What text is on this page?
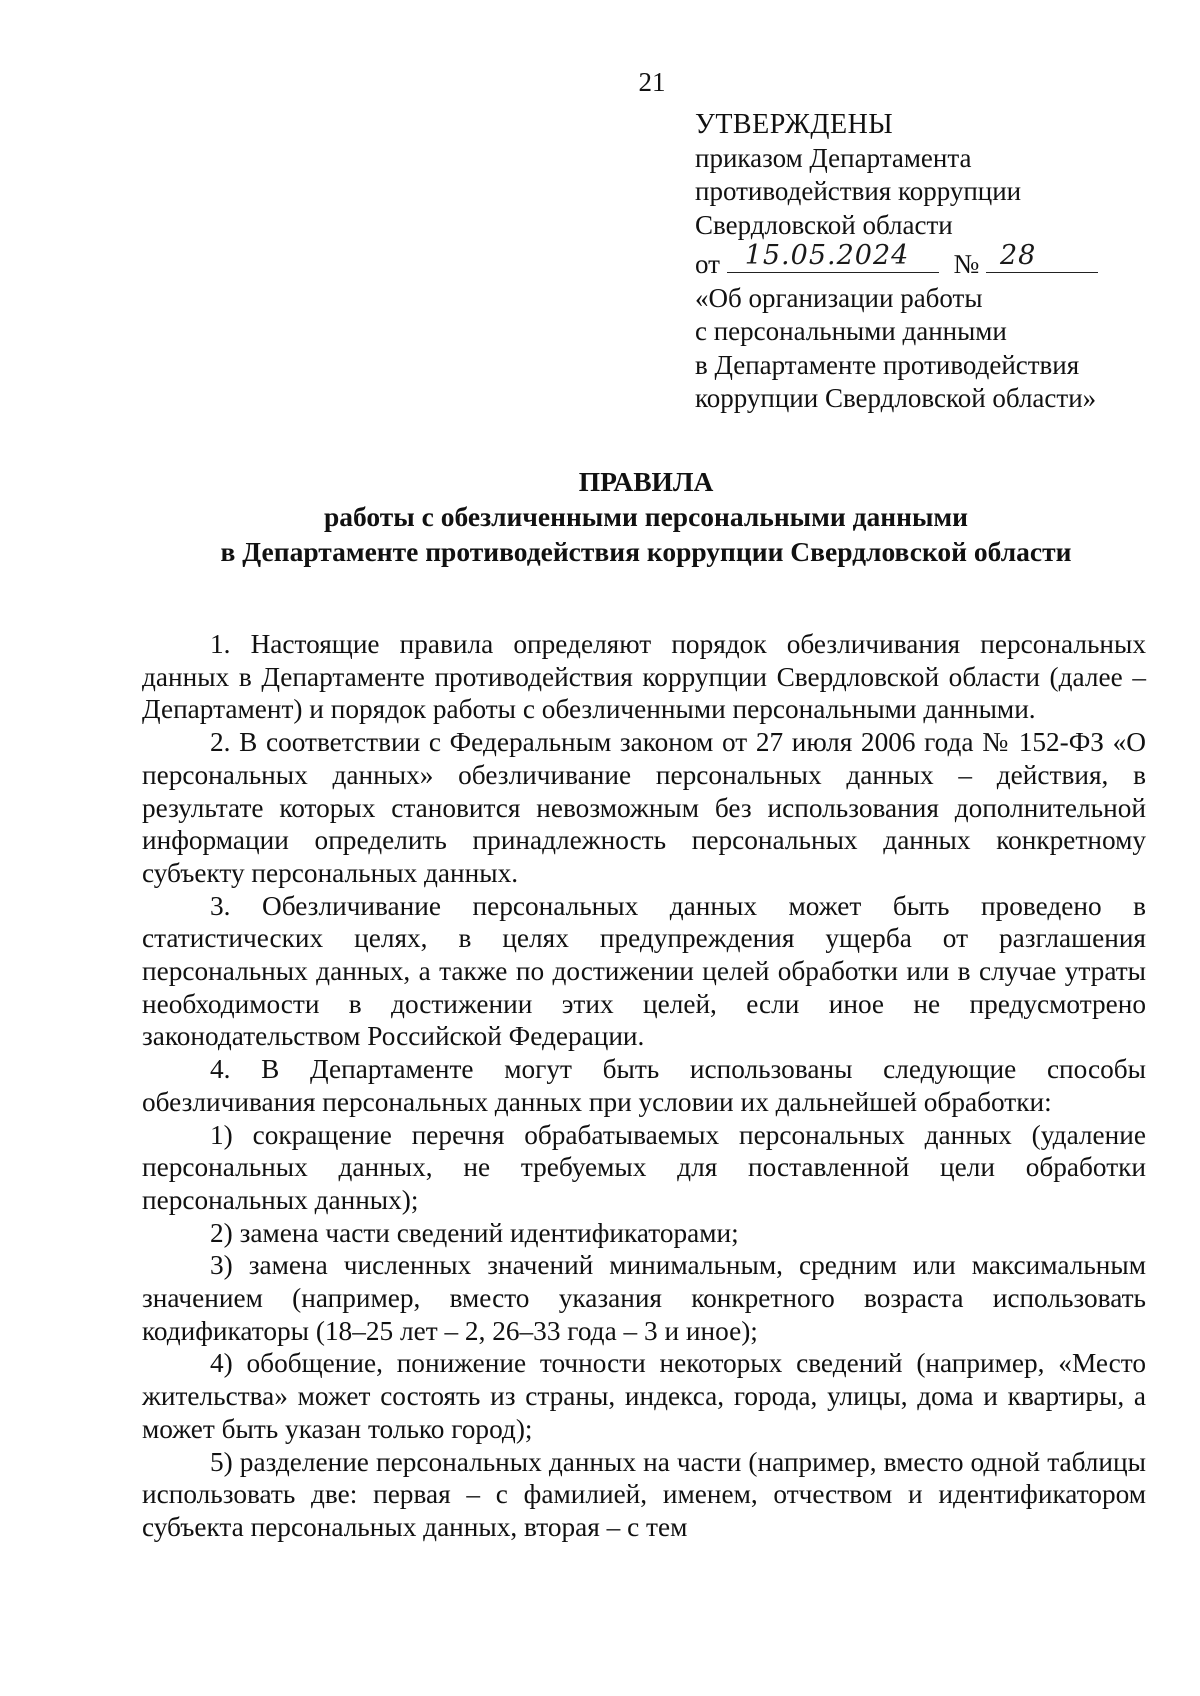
21
УТВЕРЖДЕНЫ
приказом Департамента
противодействия коррупции
Свердловской области
от 15.05.2024 № 28
«Об организации работы
с персональными данными
в Департаменте противодействия
коррупции Свердловской области»
ПРАВИЛА
работы с обезличенными персональными данными
в Департаменте противодействия коррупции Свердловской области

1. Настоящие правила определяют порядок обезличивания персональных данных в Департаменте противодействия коррупции Свердловской области (далее – Департамент) и порядок работы с обезличенными персональными данными.

2. В соответствии с Федеральным законом от 27 июля 2006 года № 152-ФЗ «О персональных данных» обезличивание персональных данных – действия, в результате которых становится невозможным без использования дополнительной информации определить принадлежность персональных данных конкретному субъекту персональных данных.

3. Обезличивание персональных данных может быть проведено в статистических целях, в целях предупреждения ущерба от разглашения персональных данных, а также по достижении целей обработки или в случае утраты необходимости в достижении этих целей, если иное не предусмотрено законодательством Российской Федерации.

4. В Департаменте могут быть использованы следующие способы обезличивания персональных данных при условии их дальнейшей обработки:

1) сокращение перечня обрабатываемых персональных данных (удаление персональных данных, не требуемых для поставленной цели обработки персональных данных);

2) замена части сведений идентификаторами;

3) замена численных значений минимальным, средним или максимальным значением (например, вместо указания конкретного возраста использовать кодификаторы (18–25 лет – 2, 26–33 года – 3 и иное);

4) обобщение, понижение точности некоторых сведений (например, «Место жительства» может состоять из страны, индекса, города, улицы, дома и квартиры, а может быть указан только город);

5) разделение персональных данных на части (например, вместо одной таблицы использовать две: первая – с фамилией, именем, отчеством и идентификатором субъекта персональных данных, вторая – с тем
